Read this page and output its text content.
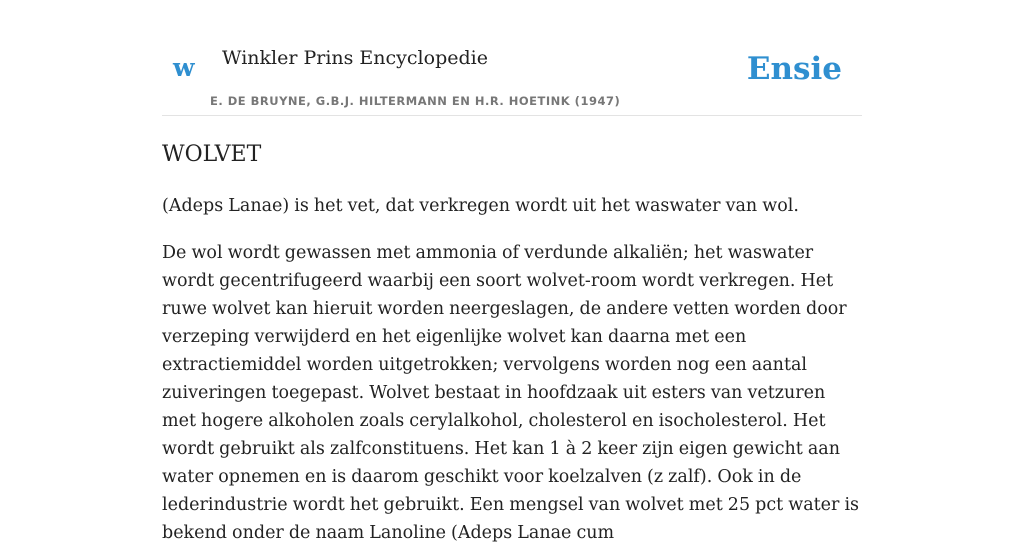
w Winkler Prins Encyclopedie
E. DE BRUYNE, G.B.J. HILTERMANN EN H.R. HOETINK (1947)
Ensie
WOLVET

(Adeps Lanae) is het vet, dat verkregen wordt uit het waswater van wol.

De wol wordt gewassen met ammonia of verdunde alkaliën; het waswater wordt gecentrifugeerd waarbij een soort wolvet-room wordt verkregen. Het ruwe wolvet kan hieruit worden neergeslagen, de andere vetten worden door verzeping verwijderd en het eigenlijke wolvet kan daarna met een extractiemiddel worden uitgetrokken; vervolgens worden nog een aantal zuiveringen toegepast. Wolvet bestaat in hoofdzaak uit esters van vetzuren met hogere alkoholen zoals cerylalkohol, cholesterol en isocholesterol. Het wordt gebruikt als zalfconstituens. Het kan 1 à 2 keer zijn eigen gewicht aan water opnemen en is daarom geschikt voor koelzalven (z zalf). Ook in de lederindustrie wordt het gebruikt. Een mengsel van wolvet met 25 pct water is bekend onder de naam Lanoline (Adeps Lanae cum
